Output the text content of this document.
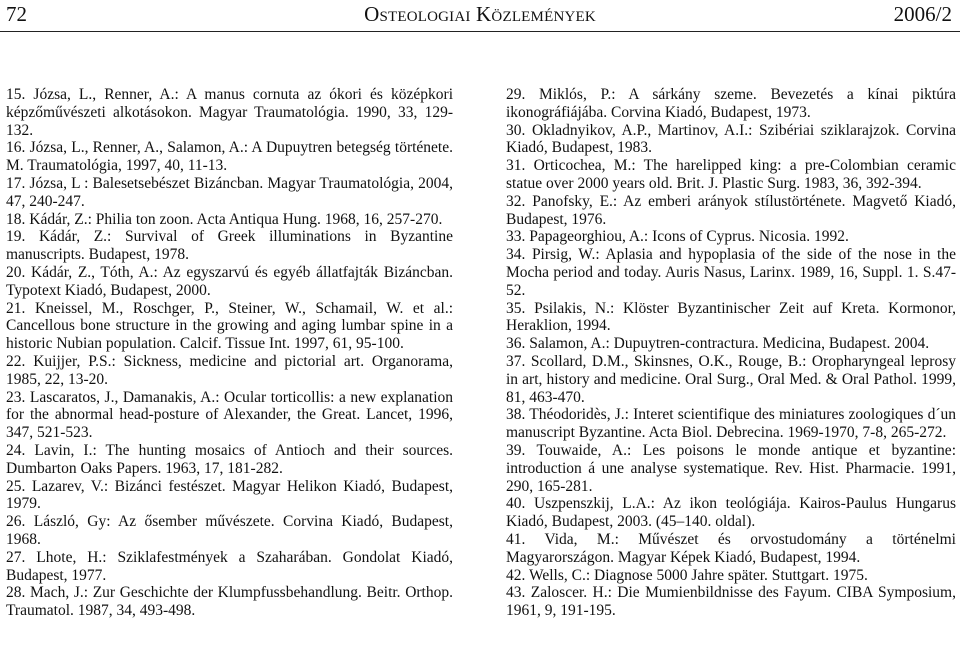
72	Osteologiai Közlemények	2006/2

15. Józsa, L., Renner, A.: A manus cornuta az ókori és középkori képzőművészeti alkotásokon. Magyar Traumatológia. 1990, 33, 129-132.

16. Józsa, L., Renner, A., Salamon, A.: A Dupuytren betegség története. M. Traumatológia, 1997, 40, 11-13.

17. Józsa, L : Balesetsebészet Bizáncban. Magyar Traumatológia, 2004, 47, 240-247.

18. Kádár, Z.: Philia ton zoon. Acta Antiqua Hung. 1968, 16, 257-270.

19. Kádár, Z.: Survival of Greek illuminations in Byzantine manuscripts. Budapest, 1978.

20. Kádár, Z., Tóth, A.: Az egyszarvú és egyéb állatfajták Bizáncban. Typotext Kiadó, Budapest, 2000.

21. Kneissel, M., Roschger, P., Steiner, W., Schamail, W. et al.: Cancellous bone structure in the growing and aging lumbar spine in a historic Nubian population. Calcif. Tissue Int. 1997, 61, 95-100.

22. Kuijjer, P.S.: Sickness, medicine and pictorial art. Organorama, 1985, 22, 13-20.

23. Lascaratos, J., Damanakis, A.: Ocular torticollis: a new explanation for the abnormal head-posture of Alexander, the Great. Lancet, 1996, 347, 521-523.

24. Lavin, I.: The hunting mosaics of Antioch and their sources. Dumbarton Oaks Papers. 1963, 17, 181-282.

25. Lazarev, V.: Bizánci festészet. Magyar Helikon Kiadó, Budapest, 1979.

26. László, Gy: Az ősember művészete. Corvina Kiadó, Budapest, 1968.

27. Lhote, H.: Sziklafestmények a Szaharában. Gondolat Kiadó, Budapest, 1977.

28. Mach, J.: Zur Geschichte der Klumpfussbehandlung. Beitr. Orthop. Traumatol. 1987, 34, 493-498.

29. Miklós, P.: A sárkány szeme. Bevezetés a kínai piktúra ikonográfiájába. Corvina Kiadó, Budapest, 1973.

30. Okladnyikov, A.P., Martinov, A.I.: Szibériai sziklarajzok. Corvina Kiadó, Budapest, 1983.

31. Orticochea, M.: The harelipped king: a pre-Colombian ceramic statue over 2000 years old. Brit. J. Plastic Surg. 1983, 36, 392-394.

32. Panofsky, E.: Az emberi arányok stílustörténete. Magvető Kiadó, Budapest, 1976.

33. Papageorghiou, A.: Icons of Cyprus. Nicosia. 1992.

34. Pirsig, W.: Aplasia and hypoplasia of the side of the nose in the Mocha period and today. Auris Nasus, Larinx. 1989, 16, Suppl. 1. S.47-52.

35. Psilakis, N.: Klöster Byzantinischer Zeit auf Kreta. Kormonor, Heraklion, 1994.

36. Salamon, A.: Dupuytren-contractura. Medicina, Budapest. 2004.

37. Scollard, D.M., Skinsnes, O.K., Rouge, B.: Oropharyngeal leprosy in art, history and medicine. Oral Surg., Oral Med. & Oral Pathol. 1999, 81, 463-470.

38. Théodoridès, J.: Interet scientifique des miniatures zoologiques d´un manuscript Byzantine. Acta Biol. Debrecina. 1969-1970, 7-8, 265-272.

39. Touwaide, A.: Les poisons le monde antique et byzantine: introduction á une analyse systematique. Rev. Hist. Pharmacie. 1991, 290, 165-281.

40. Uszpenszkij, L.A.: Az ikon teológiája. Kairos-Paulus Hungarus Kiadó, Budapest, 2003. (45–140. oldal).

41. Vida, M.: Művészet és orvostudomány a történelmi Magyarországon. Magyar Képek Kiadó, Budapest, 1994.

42. Wells, C.: Diagnose 5000 Jahre später. Stuttgart. 1975.

43. Zaloscer. H.: Die Mumienbildnisse des Fayum. CIBA Symposium, 1961, 9, 191-195.
